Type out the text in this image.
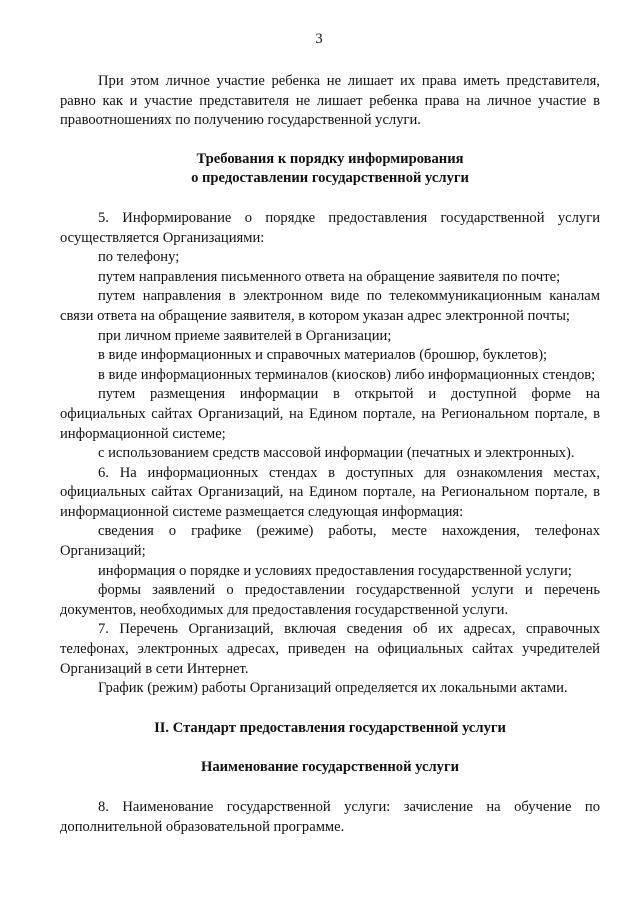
3

При этом личное участие ребенка не лишает их права иметь представителя, равно как и участие представителя не лишает ребенка права на личное участие в правоотношениях по получению государственной услуги.

Требования к порядку информирования

о предоставлении государственной услуги

5. Информирование о порядке предоставления государственной услуги осуществляется Организациями:

по телефону;

путем направления письменного ответа на обращение заявителя по почте;

путем направления в электронном виде по телекоммуникационным каналам связи ответа на обращение заявителя, в котором указан адрес электронной почты;

при личном приеме заявителей в Организации;

в виде информационных и справочных материалов (брошюр, буклетов);

в виде информационных терминалов (киосков) либо информационных стендов;

путем размещения информации в открытой и доступной форме на официальных сайтах Организаций, на Едином портале, на Региональном портале, в информационной системе;

с использованием средств массовой информации (печатных и электронных).

6. На информационных стендах в доступных для ознакомления местах, официальных сайтах Организаций, на Едином портале, на Региональном портале, в информационной системе размещается следующая информация:

сведения о графике (режиме) работы, месте нахождения, телефонах Организаций;

информация о порядке и условиях предоставления государственной услуги;

формы заявлений о предоставлении государственной услуги и перечень документов, необходимых для предоставления государственной услуги.

7. Перечень Организаций, включая сведения об их адресах, справочных телефонах, электронных адресах, приведен на официальных сайтах учредителей Организаций в сети Интернет.

График (режим) работы Организаций определяется их локальными актами.

II. Стандарт предоставления государственной услуги

Наименование государственной услуги

8. Наименование государственной услуги: зачисление на обучение по дополнительной образовательной программе.
